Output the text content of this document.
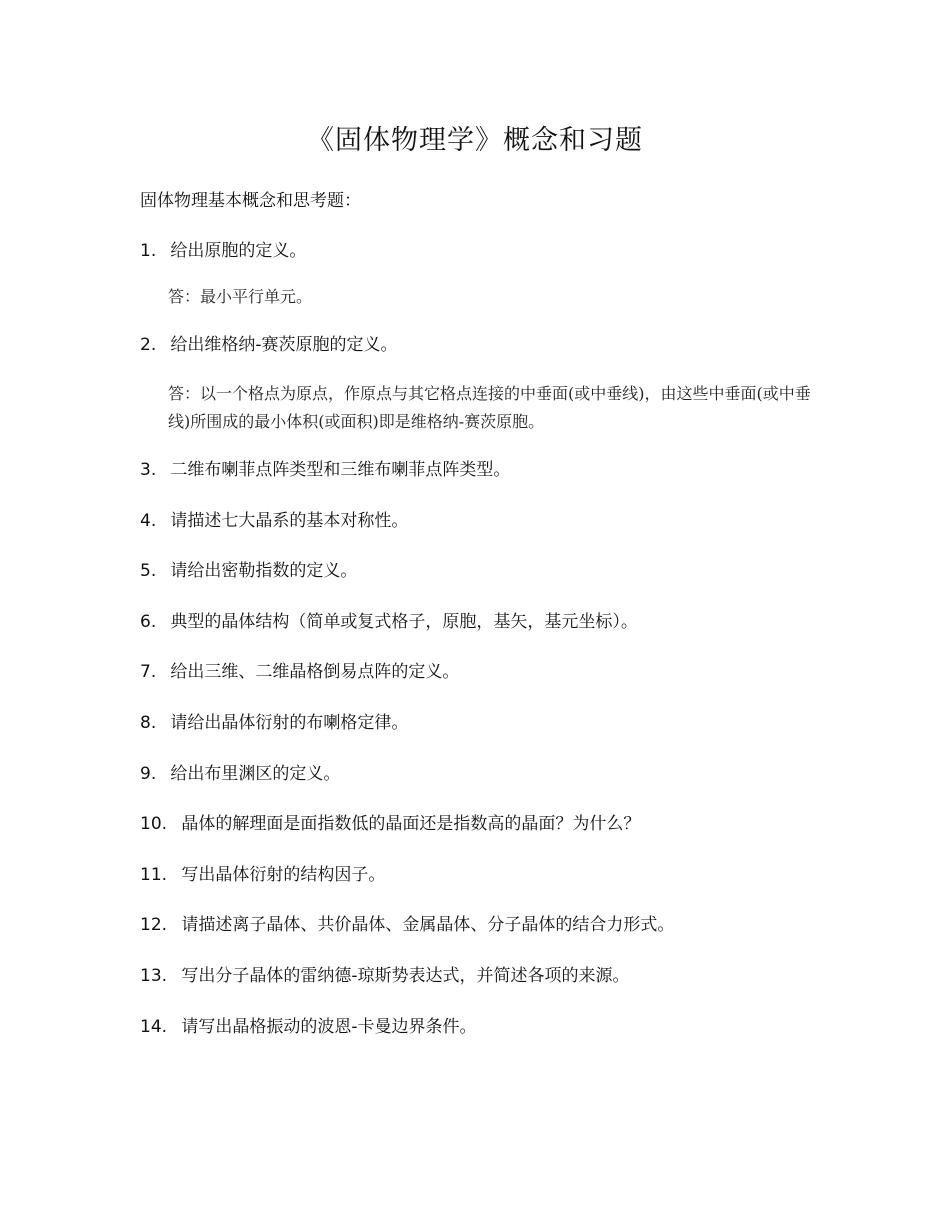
《固体物理学》概念和习题

固体物理基本概念和思考题：

1. 给出原胞的定义。

答：最小平行单元。

2. 给出维格纳-赛茨原胞的定义。

答：以一个格点为原点，作原点与其它格点连接的中垂面(或中垂线)，由这些中垂面(或中垂线)所围成的最小体积(或面积)即是维格纳-赛茨原胞。

3. 二维布喇菲点阵类型和三维布喇菲点阵类型。

4. 请描述七大晶系的基本对称性。

5. 请给出密勒指数的定义。

6. 典型的晶体结构（简单或复式格子，原胞，基矢，基元坐标）。

7. 给出三维、二维晶格倒易点阵的定义。

8. 请给出晶体衍射的布喇格定律。

9. 给出布里渊区的定义。

10. 晶体的解理面是面指数低的晶面还是指数高的晶面？为什么？

11. 写出晶体衍射的结构因子。

12. 请描述离子晶体、共价晶体、金属晶体、分子晶体的结合力形式。

13. 写出分子晶体的雷纳德-琼斯势表达式，并简述各项的来源。

14. 请写出晶格振动的波恩-卡曼边界条件。
